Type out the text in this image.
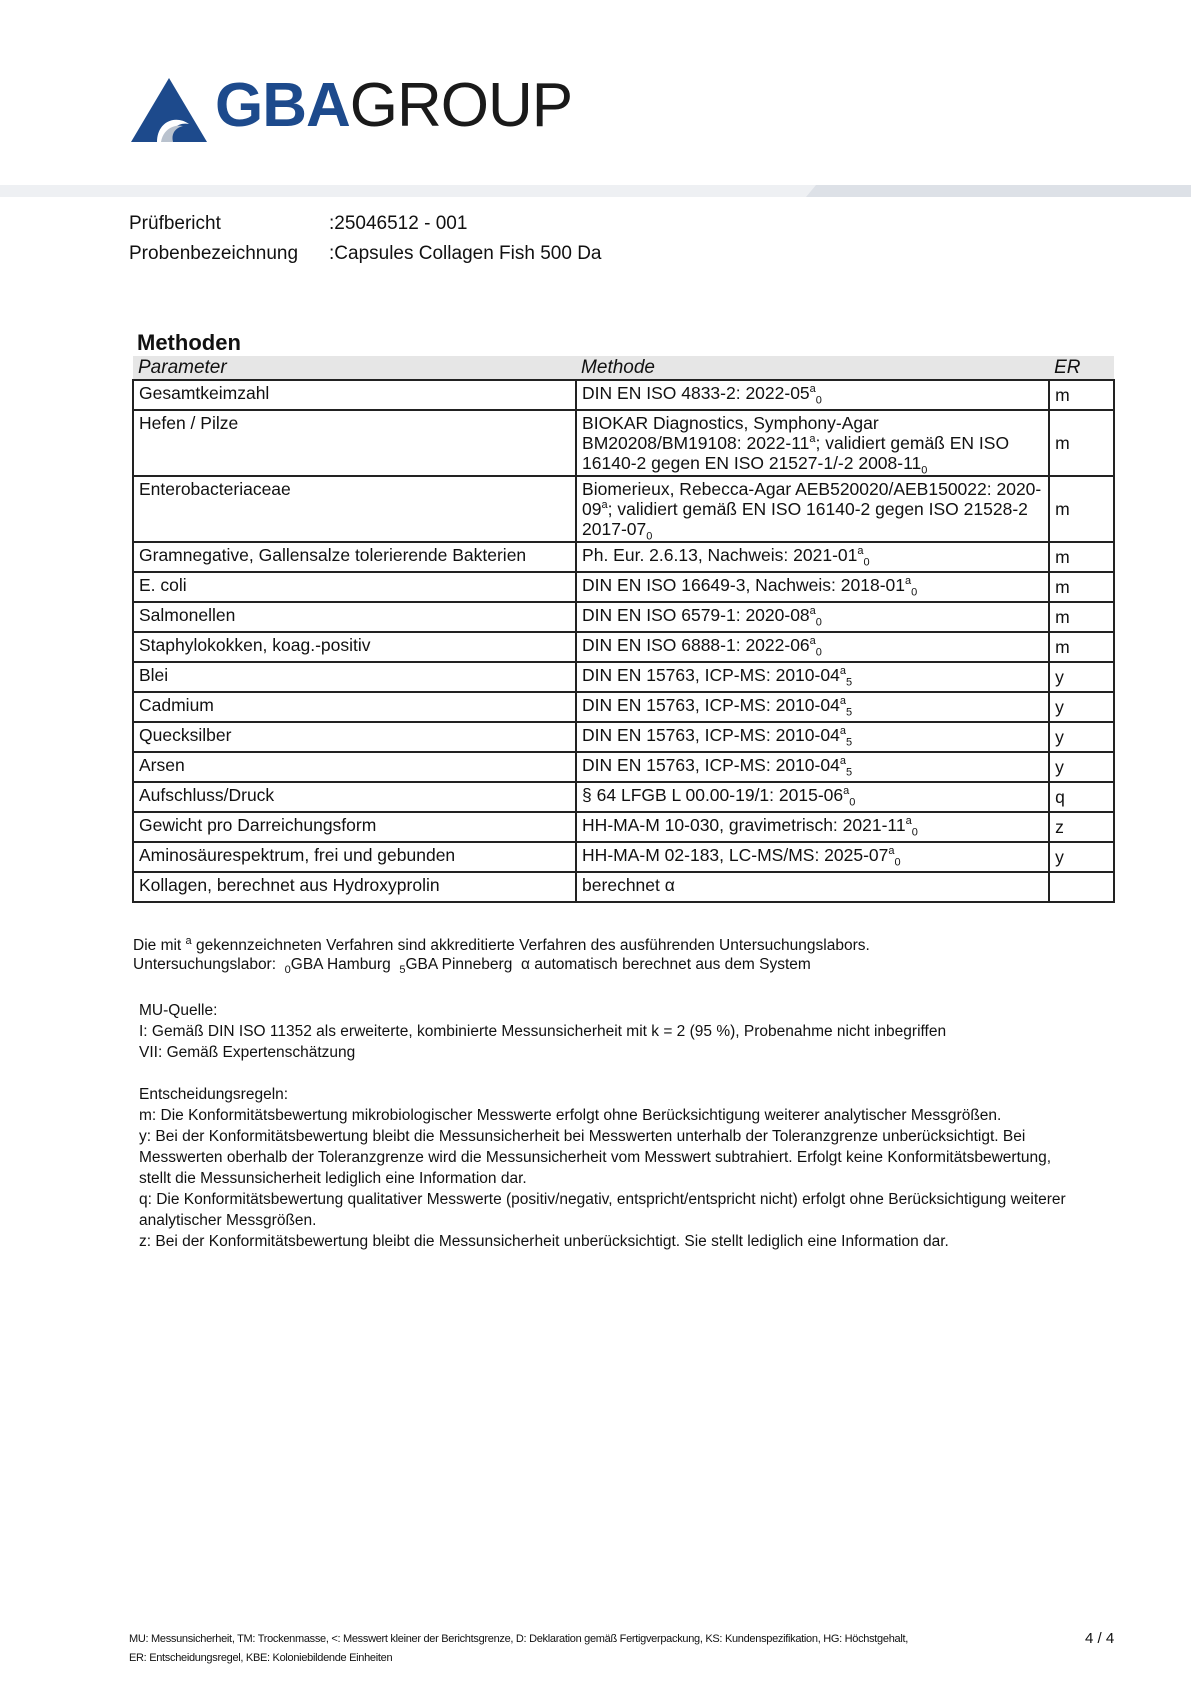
GBAGROUP
Prüfbericht	:25046512 - 001
Probenbezeichnung	:Capsules Collagen Fish 500 Da
Methoden
Parameter	Methode	ER
Gesamtkeimzahl	DIN EN ISO 4833-2: $2022-05^a_0$	m
Hefen / Pilze	BIOKAR Diagnostics, Symphony-Agar BM20208/BM19108: 2022-11$^a$; validiert gemäß EN ISO 16140-2 gegen EN ISO 21527-1/-2 $2008-11_0$	m
Enterobacteriaceae	Biomerieux, Rebecca-Agar AEB520020/AEB150022: 2020-09$^a$; validiert gemäß EN ISO 16140-2 gegen ISO 21528-2 $2017-07_0$	m
Gramnegative, Gallensalze tolerierende Bakterien	Ph. Eur. 2.6.13, Nachweis: $2021-01^a_0$	m
E. coli	DIN EN ISO 16649-3, Nachweis: $2018-01^a_0$	m
Salmonellen	DIN EN ISO 6579-1: $2020-08^a_0$	m
Staphylokokken, koag.-positiv	DIN EN ISO 6888-1: $2022-06^a_0$	m
Blei	DIN EN 15763, ICP-MS: $2010-04^a_5$	y
Cadmium	DIN EN 15763, ICP-MS: $2010-04^a_5$	y
Quecksilber	DIN EN 15763, ICP-MS: $2010-04^a_5$	y
Arsen	DIN EN 15763, ICP-MS: $2010-04^a_5$	y
Aufschluss/Druck	§ 64 LFGB L 00.00-19/1: $2015-06^a_0$	q
Gewicht pro Darreichungsform	HH-MA-M 10-030, gravimetrisch: $2021-11^a_0$	z
Aminosäurespektrum, frei und gebunden	HH-MA-M 02-183, LC-MS/MS: $2025-07^a_0$	y
Kollagen, berechnet aus Hydroxyprolin	berechnet α	
Die mit $^a$ gekennzeichneten Verfahren sind akkreditierte Verfahren des ausführenden Untersuchungslabors.
Untersuchungslabor: $_0$GBA Hamburg $_5$GBA Pinneberg α automatisch berechnet aus dem System
MU-Quelle:
I: Gemäß DIN ISO 11352 als erweiterte, kombinierte Messunsicherheit mit k = 2 (95 %), Probenahme nicht inbegriffen
VII: Gemäß Expertenschätzung
Entscheidungsregeln:
m: Die Konformitätsbewertung mikrobiologischer Messwerte erfolgt ohne Berücksichtigung weiterer analytischer Messgrößen.
y: Bei der Konformitätsbewertung bleibt die Messunsicherheit bei Messwerten unterhalb der Toleranzgrenze unberücksichtigt. Bei Messwerten oberhalb der Toleranzgrenze wird die Messunsicherheit vom Messwert subtrahiert. Erfolgt keine Konformitätsbewertung, stellt die Messunsicherheit lediglich eine Information dar.
q: Die Konformitätsbewertung qualitativer Messwerte (positiv/negativ, entspricht/entspricht nicht) erfolgt ohne Berücksichtigung weiterer analytischer Messgrößen.
z: Bei der Konformitätsbewertung bleibt die Messunsicherheit unberücksichtigt. Sie stellt lediglich eine Information dar.
MU: Messunsicherheit, TM: Trockenmasse, <: Messwert kleiner der Berichtsgrenze, D: Deklaration gemäß Fertigverpackung, KS: Kundenspezifikation, HG: Höchstgehalt,
ER: Entscheidungsregel, KBE: Koloniebildende Einheiten
4 / 4
